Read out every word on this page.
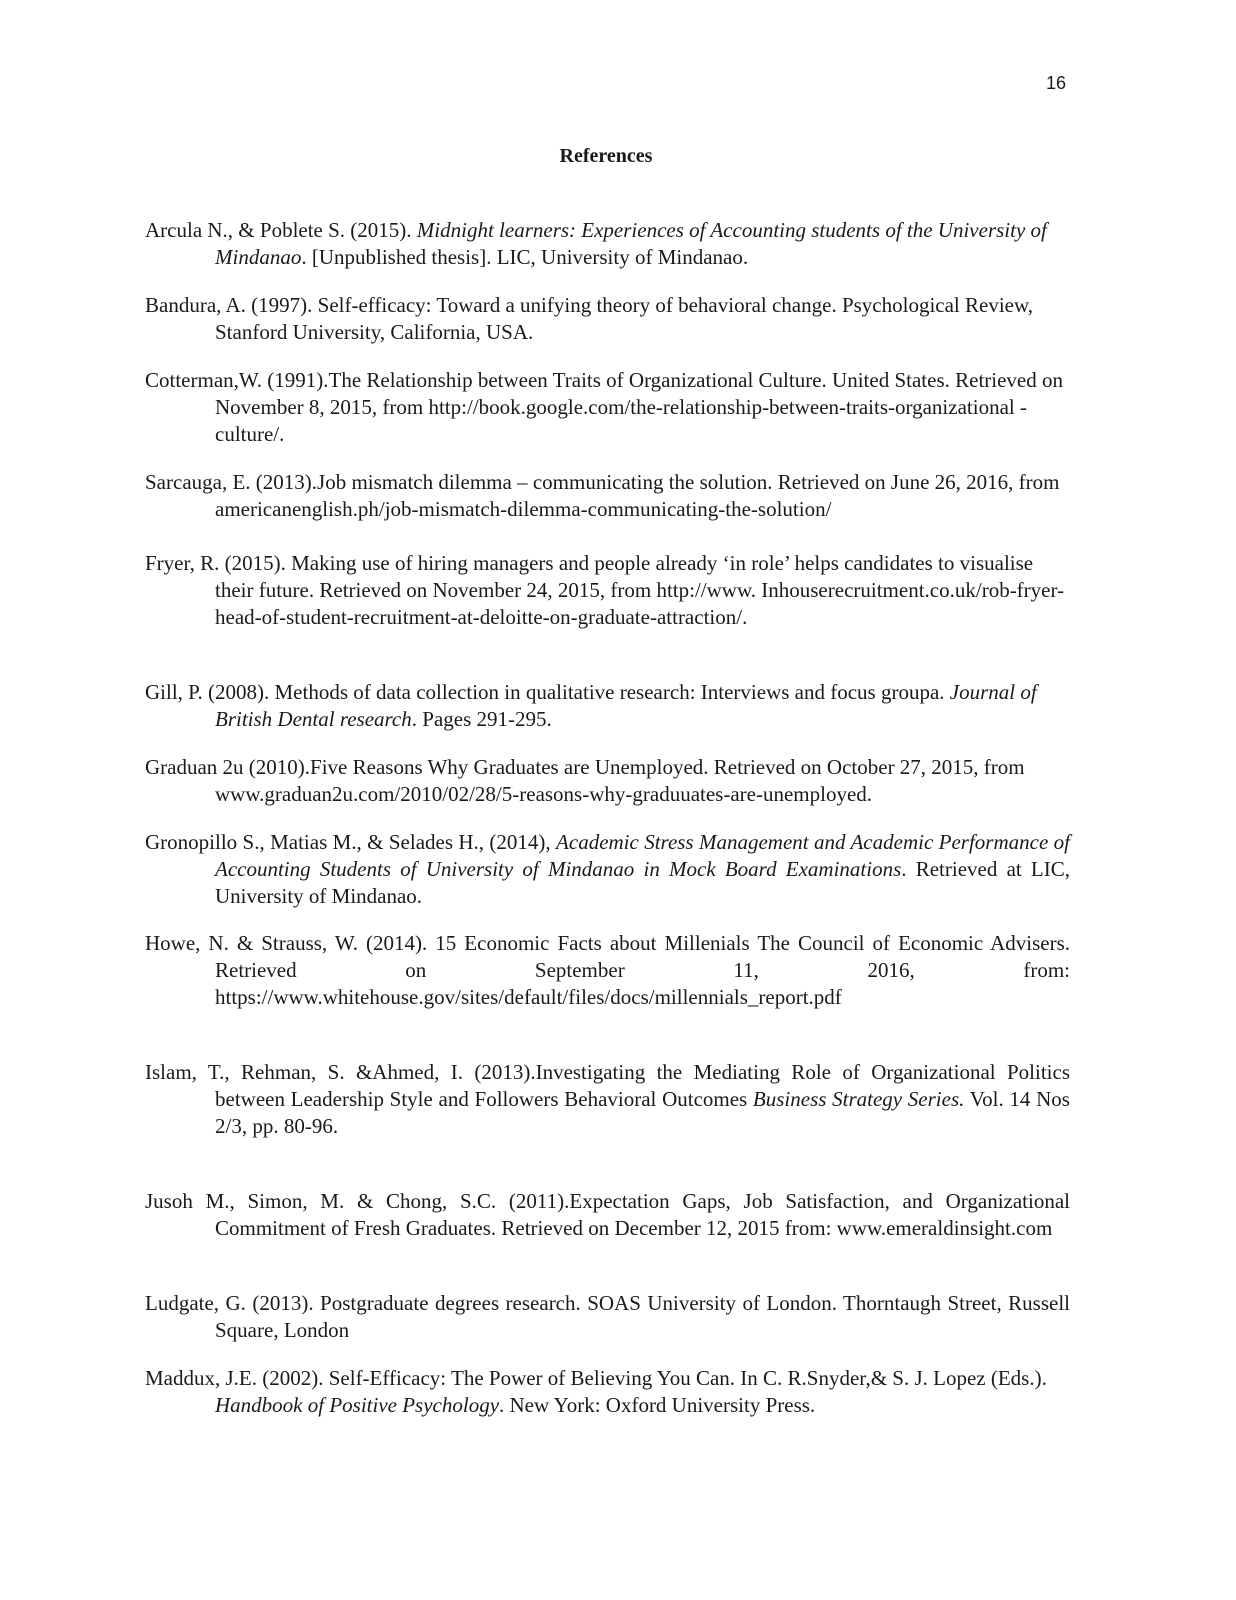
16
References

Arcula N., & Poblete S. (2015). Midnight learners: Experiences of Accounting students of the University of Mindanao. [Unpublished thesis]. LIC, University of Mindanao.

Bandura, A. (1997). Self-efficacy: Toward a unifying theory of behavioral change. Psychological Review, Stanford University, California, USA.

Cotterman,W. (1991).The Relationship between Traits of Organizational Culture. United States. Retrieved on November 8, 2015, from http://book.google.com/the-relationship-between-traits-organizational -culture/.

Sarcauga, E. (2013).Job mismatch dilemma – communicating the solution. Retrieved on June 26, 2016, from americanenglish.ph/job-mismatch-dilemma-communicating-the-solution/

Fryer, R. (2015). Making use of hiring managers and people already ‘in role’ helps candidates to visualise their future. Retrieved on November 24, 2015, from http://www. Inhouserecruitment.co.uk/rob-fryer-head-of-student-recruitment-at-deloitte-on-graduate-attraction/.

Gill, P. (2008). Methods of data collection in qualitative research: Interviews and focus groupa. Journal of British Dental research. Pages 291-295.

Graduan 2u (2010).Five Reasons Why Graduates are Unemployed. Retrieved on October 27, 2015, from www.graduan2u.com/2010/02/28/5-reasons-why-graduuates-are-unemployed.

Gronopillo S., Matias M., & Selades H., (2014), Academic Stress Management and Academic Performance of Accounting Students of University of Mindanao in Mock Board Examinations. Retrieved at LIC, University of Mindanao.

Howe, N. & Strauss, W. (2014). 15 Economic Facts about Millenials The Council of Economic Advisers. Retrieved on September 11, 2016, from: https://www.whitehouse.gov/sites/default/files/docs/millennials_report.pdf

Islam, T., Rehman, S. &Ahmed, I. (2013).Investigating the Mediating Role of Organizational Politics between Leadership Style and Followers Behavioral Outcomes Business Strategy Series. Vol. 14 Nos 2/3, pp. 80-96.

Jusoh M., Simon, M. & Chong, S.C. (2011).Expectation Gaps, Job Satisfaction, and Organizational Commitment of Fresh Graduates. Retrieved on December 12, 2015 from: www.emeraldinsight.com

Ludgate, G. (2013). Postgraduate degrees research. SOAS University of London. Thorntaugh Street, Russell Square, London

Maddux, J.E. (2002). Self-Efficacy: The Power of Believing You Can. In C. R.Snyder,& S. J. Lopez (Eds.). Handbook of Positive Psychology. New York: Oxford University Press.
